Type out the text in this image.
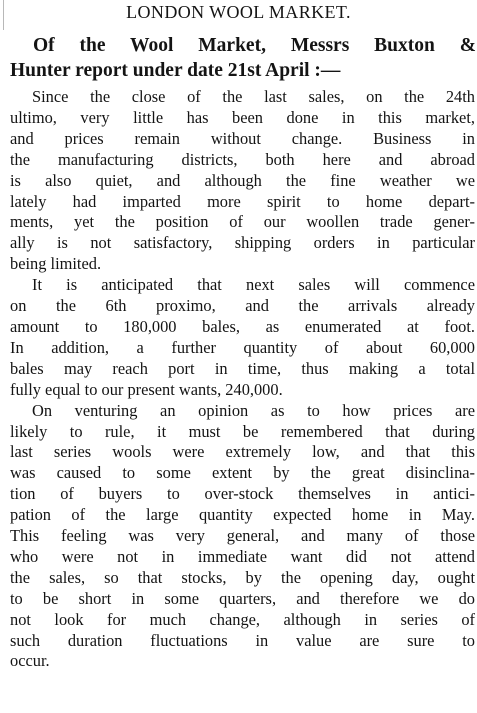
LONDON WOOL MARKET.
Of the Wool Market, Messrs Buxton &
Hunter report under date 21st April :—
Since the close of the last sales, on the 24th
ultimo, very little has been done in this market,
and prices remain without change. Business in
the manufacturing districts, both here and abroad
is also quiet, and although the fine weather we
lately had imparted more spirit to home depart-
ments, yet the position of our woollen trade gener-
ally is not satisfactory, shipping orders in particular
being limited.
It is anticipated that next sales will commence
on the 6th proximo, and the arrivals already
amount to 180,000 bales, as enumerated at foot.
In addition, a further quantity of about 60,000
bales may reach port in time, thus making a total
fully equal to our present wants, 240,000.
On venturing an opinion as to how prices are
likely to rule, it must be remembered that during
last series wools were extremely low, and that this
was caused to some extent by the great disinclina-
tion of buyers to over-stock themselves in antici-
pation of the large quantity expected home in May.
This feeling was very general, and many of those
who were not in immediate want did not attend
the sales, so that stocks, by the opening day, ought
to be short in some quarters, and therefore we do
not look for much change, although in series of
such duration fluctuations in value are sure to
occur.
